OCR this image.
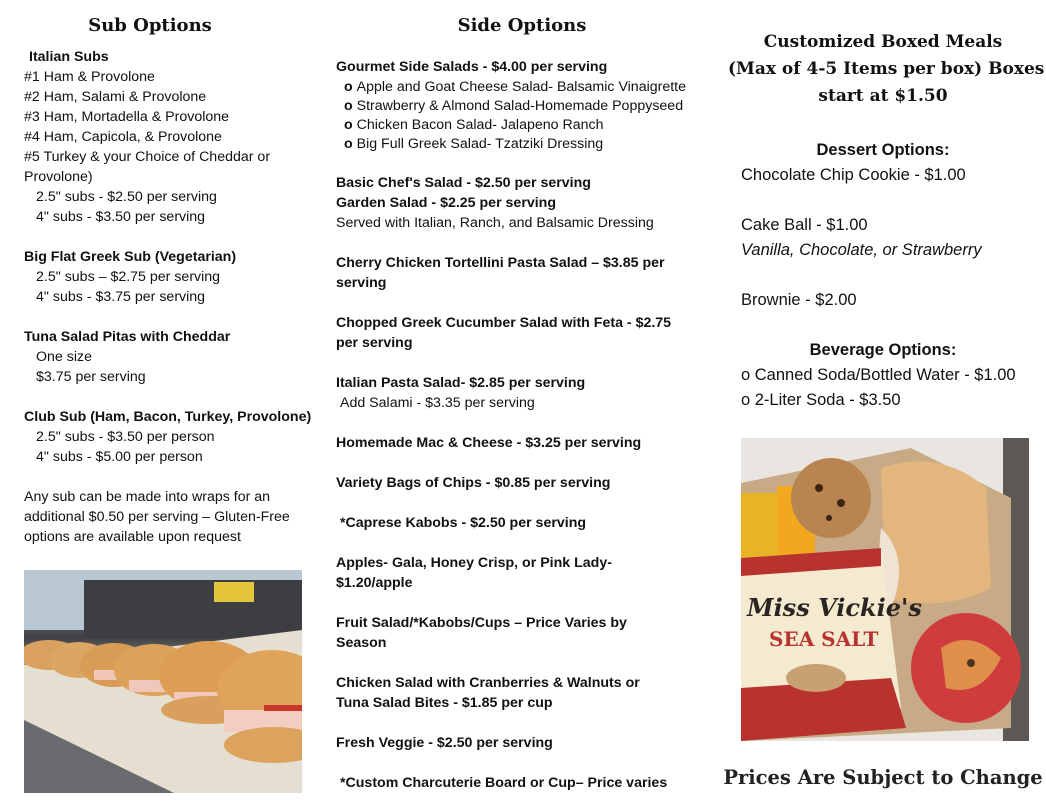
Sub Options
Italian Subs
#1 Ham & Provolone
#2 Ham, Salami & Provolone
#3 Ham, Mortadella & Provolone
#4 Ham, Capicola, & Provolone
#5 Turkey & your Choice of Cheddar or
Provolone)
2.5" subs - $2.50 per serving
4" subs - $3.50 per serving
Big Flat Greek Sub (Vegetarian)
2.5" subs – $2.75 per serving
4" subs - $3.75 per serving
Tuna Salad Pitas with Cheddar
One size
$3.75 per serving
Club Sub (Ham, Bacon, Turkey, Provolone)
2.5" subs - $3.50 per person
4" subs - $5.00 per person
Any sub can be made into wraps for an
additional $0.50 per serving – Gluten-Free
options are available upon request
Side Options
Gourmet Side Salads - $4.00 per serving
o Apple and Goat Cheese Salad- Balsamic Vinaigrette
o Strawberry & Almond Salad-Homemade Poppyseed
o Chicken Bacon Salad- Jalapeno Ranch
o Big Full Greek Salad- Tzatziki Dressing
Basic Chef's Salad - $2.50 per serving
Garden Salad - $2.25 per serving
Served with Italian, Ranch, and Balsamic Dressing
Cherry Chicken Tortellini Pasta Salad – $3.85 per
serving
Chopped Greek Cucumber Salad with Feta - $2.75
per serving
Italian Pasta Salad- $2.85 per serving
Add Salami - $3.35 per serving
Homemade Mac & Cheese - $3.25 per serving
Variety Bags of Chips - $0.85 per serving
*Caprese Kabobs - $2.50 per serving
Apples- Gala, Honey Crisp, or Pink Lady-
$1.20/apple
Fruit Salad/*Kabobs/Cups – Price Varies by
Season
Chicken Salad with Cranberries & Walnuts or
Tuna Salad Bites - $1.85 per cup
Fresh Veggie - $2.50 per serving
*Custom Charcuterie Board or Cup– Price varies
Customized Boxed Meals
(Max of 4-5 Items per box) Boxes
start at $1.50
Dessert Options:
Chocolate Chip Cookie - $1.00
Cake Ball - $1.00
Vanilla, Chocolate, or Strawberry
Brownie - $2.00
Beverage Options:
o Canned Soda/Bottled Water - $1.00
o 2-Liter Soda - $3.50
Miss Vickie's
SEA SALT
Prices Are Subject to Change
